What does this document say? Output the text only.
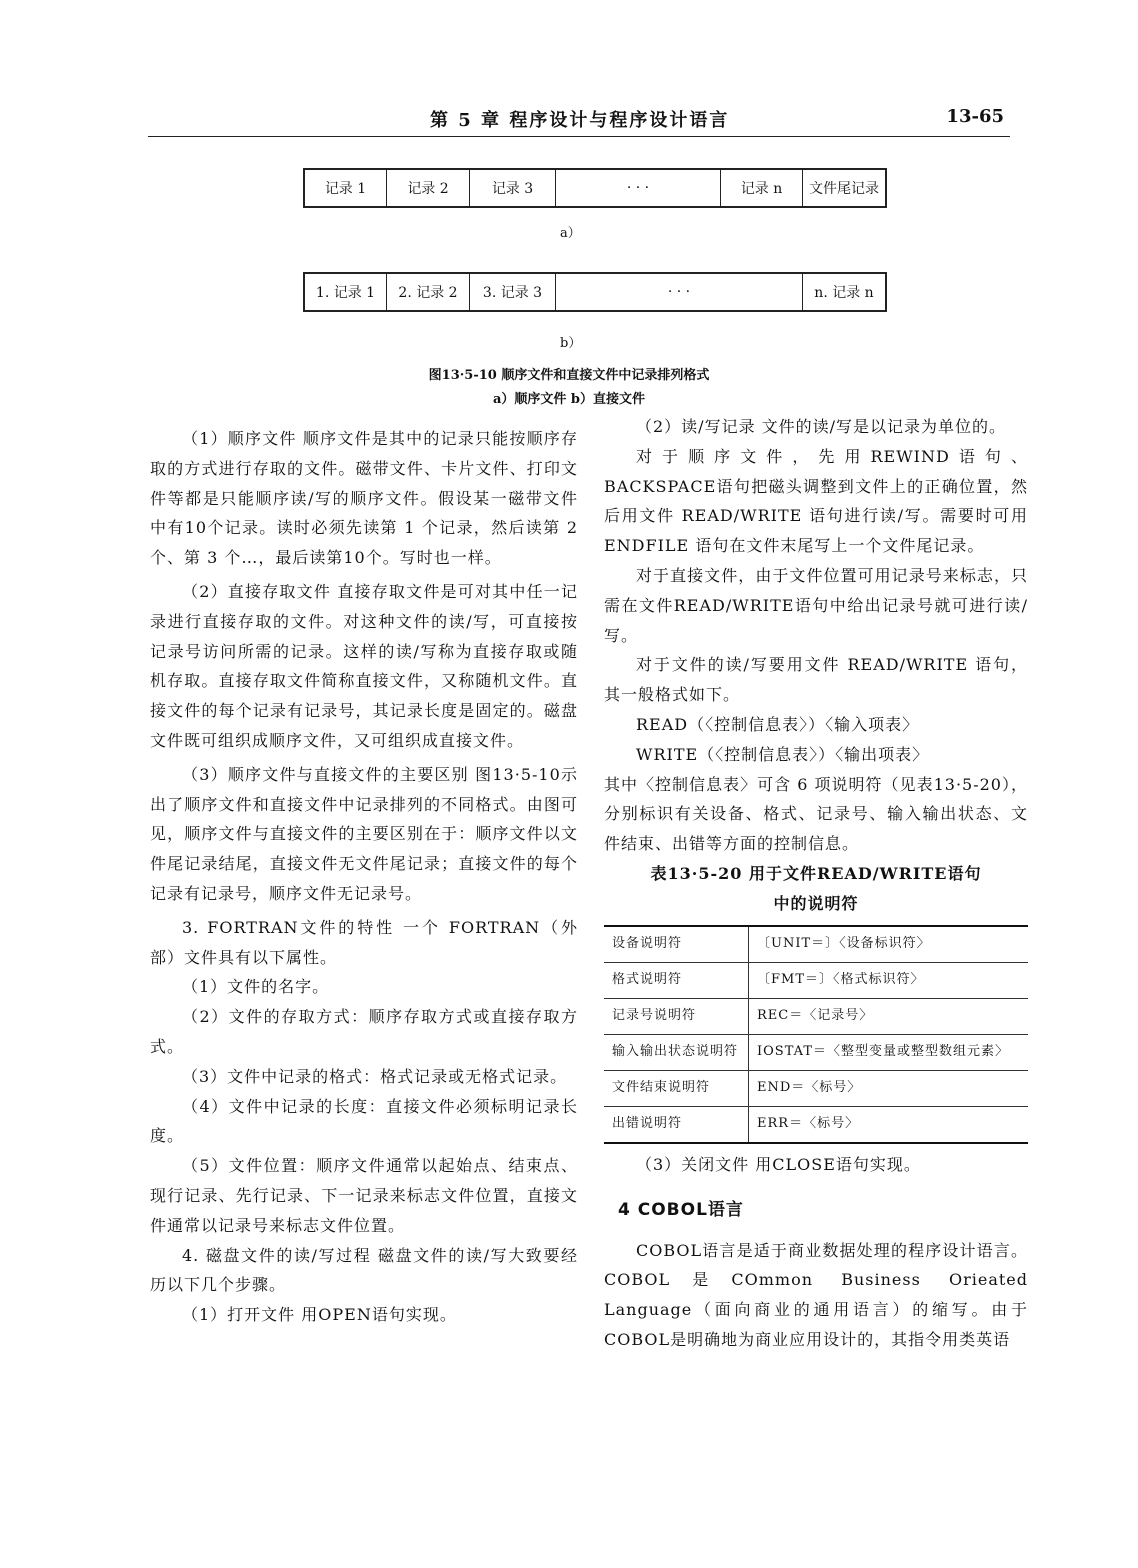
第 5 章 程序设计与程序设计语言	13-65
记录 1	记录 2	记录 3	· · ·	记录 n	文件尾记录
a）
1. 记录 1	2. 记录 2	3. 记录 3	· · ·	n. 记录 n
b）
图13·5-10 顺序文件和直接文件中记录排列格式
a）顺序文件 b）直接文件

（1）顺序文件 顺序文件是其中的记录只能按顺序存取的方式进行存取的文件。磁带文件、卡片文件、打印文件等都是只能顺序读/写的顺序文件。假设某一磁带文件中有10个记录。读时必须先读第 1 个记录，然后读第 2 个、第 3 个…，最后读第10个。写时也一样。

（2）直接存取文件 直接存取文件是可对其中任一记录进行直接存取的文件。对这种文件的读/写，可直接按记录号访问所需的记录。这样的读/写称为直接存取或随机存取。直接存取文件简称直接文件，又称随机文件。直接文件的每个记录有记录号，其记录长度是固定的。磁盘文件既可组织成顺序文件，又可组织成直接文件。

（3）顺序文件与直接文件的主要区别 图13·5-10示出了顺序文件和直接文件中记录排列的不同格式。由图可见，顺序文件与直接文件的主要区别在于：顺序文件以文件尾记录结尾，直接文件无文件尾记录；直接文件的每个记录有记录号，顺序文件无记录号。

3. FORTRAN文件的特性 一个 FORTRAN（外部）文件具有以下属性。

（1）文件的名字。

（2）文件的存取方式：顺序存取方式或直接存取方式。

（3）文件中记录的格式：格式记录或无格式记录。

（4）文件中记录的长度：直接文件必须标明记录长度。

（5）文件位置：顺序文件通常以起始点、结束点、现行记录、先行记录、下一记录来标志文件位置，直接文件通常以记录号来标志文件位置。

4. 磁盘文件的读/写过程 磁盘文件的读/写大致要经历以下几个步骤。

（1）打开文件 用OPEN语句实现。

（2）读/写记录 文件的读/写是以记录为单位的。

对于顺序文件，先用REWIND语句、BACKSPACE语句把磁头调整到文件上的正确位置，然后用文件 READ/WRITE 语句进行读/写。需要时可用ENDFILE 语句在文件末尾写上一个文件尾记录。

对于直接文件，由于文件位置可用记录号来标志，只需在文件READ/WRITE语句中给出记录号就可进行读/写。

对于文件的读/写要用文件 READ/WRITE 语句，其一般格式如下。

READ（〈控制信息表〉）〈输入项表〉

WRITE（〈控制信息表〉）〈输出项表〉

其中〈控制信息表〉可含 6 项说明符（见表13·5-20），分别标识有关设备、格式、记录号、输入输出状态、文件结束、出错等方面的控制信息。

表13·5-20 用于文件READ/WRITE语句
中的说明符
设备说明符	〔UNIT＝〕〈设备标识符〉
格式说明符	〔FMT＝〕〈格式标识符〉
记录号说明符	REC＝〈记录号〉
输入输出状态说明符	IOSTAT＝〈整型变量或整型数组元素〉
文件结束说明符	END＝〈标号〉
出错说明符	ERR＝〈标号〉

（3）关闭文件 用CLOSE语句实现。

4 COBOL语言

COBOL语言是适于商业数据处理的程序设计语言。COBOL是COmmon Business Orieated Language（面向商业的通用语言）的缩写。由于COBOL是明确地为商业应用设计的，其指令用类英语
